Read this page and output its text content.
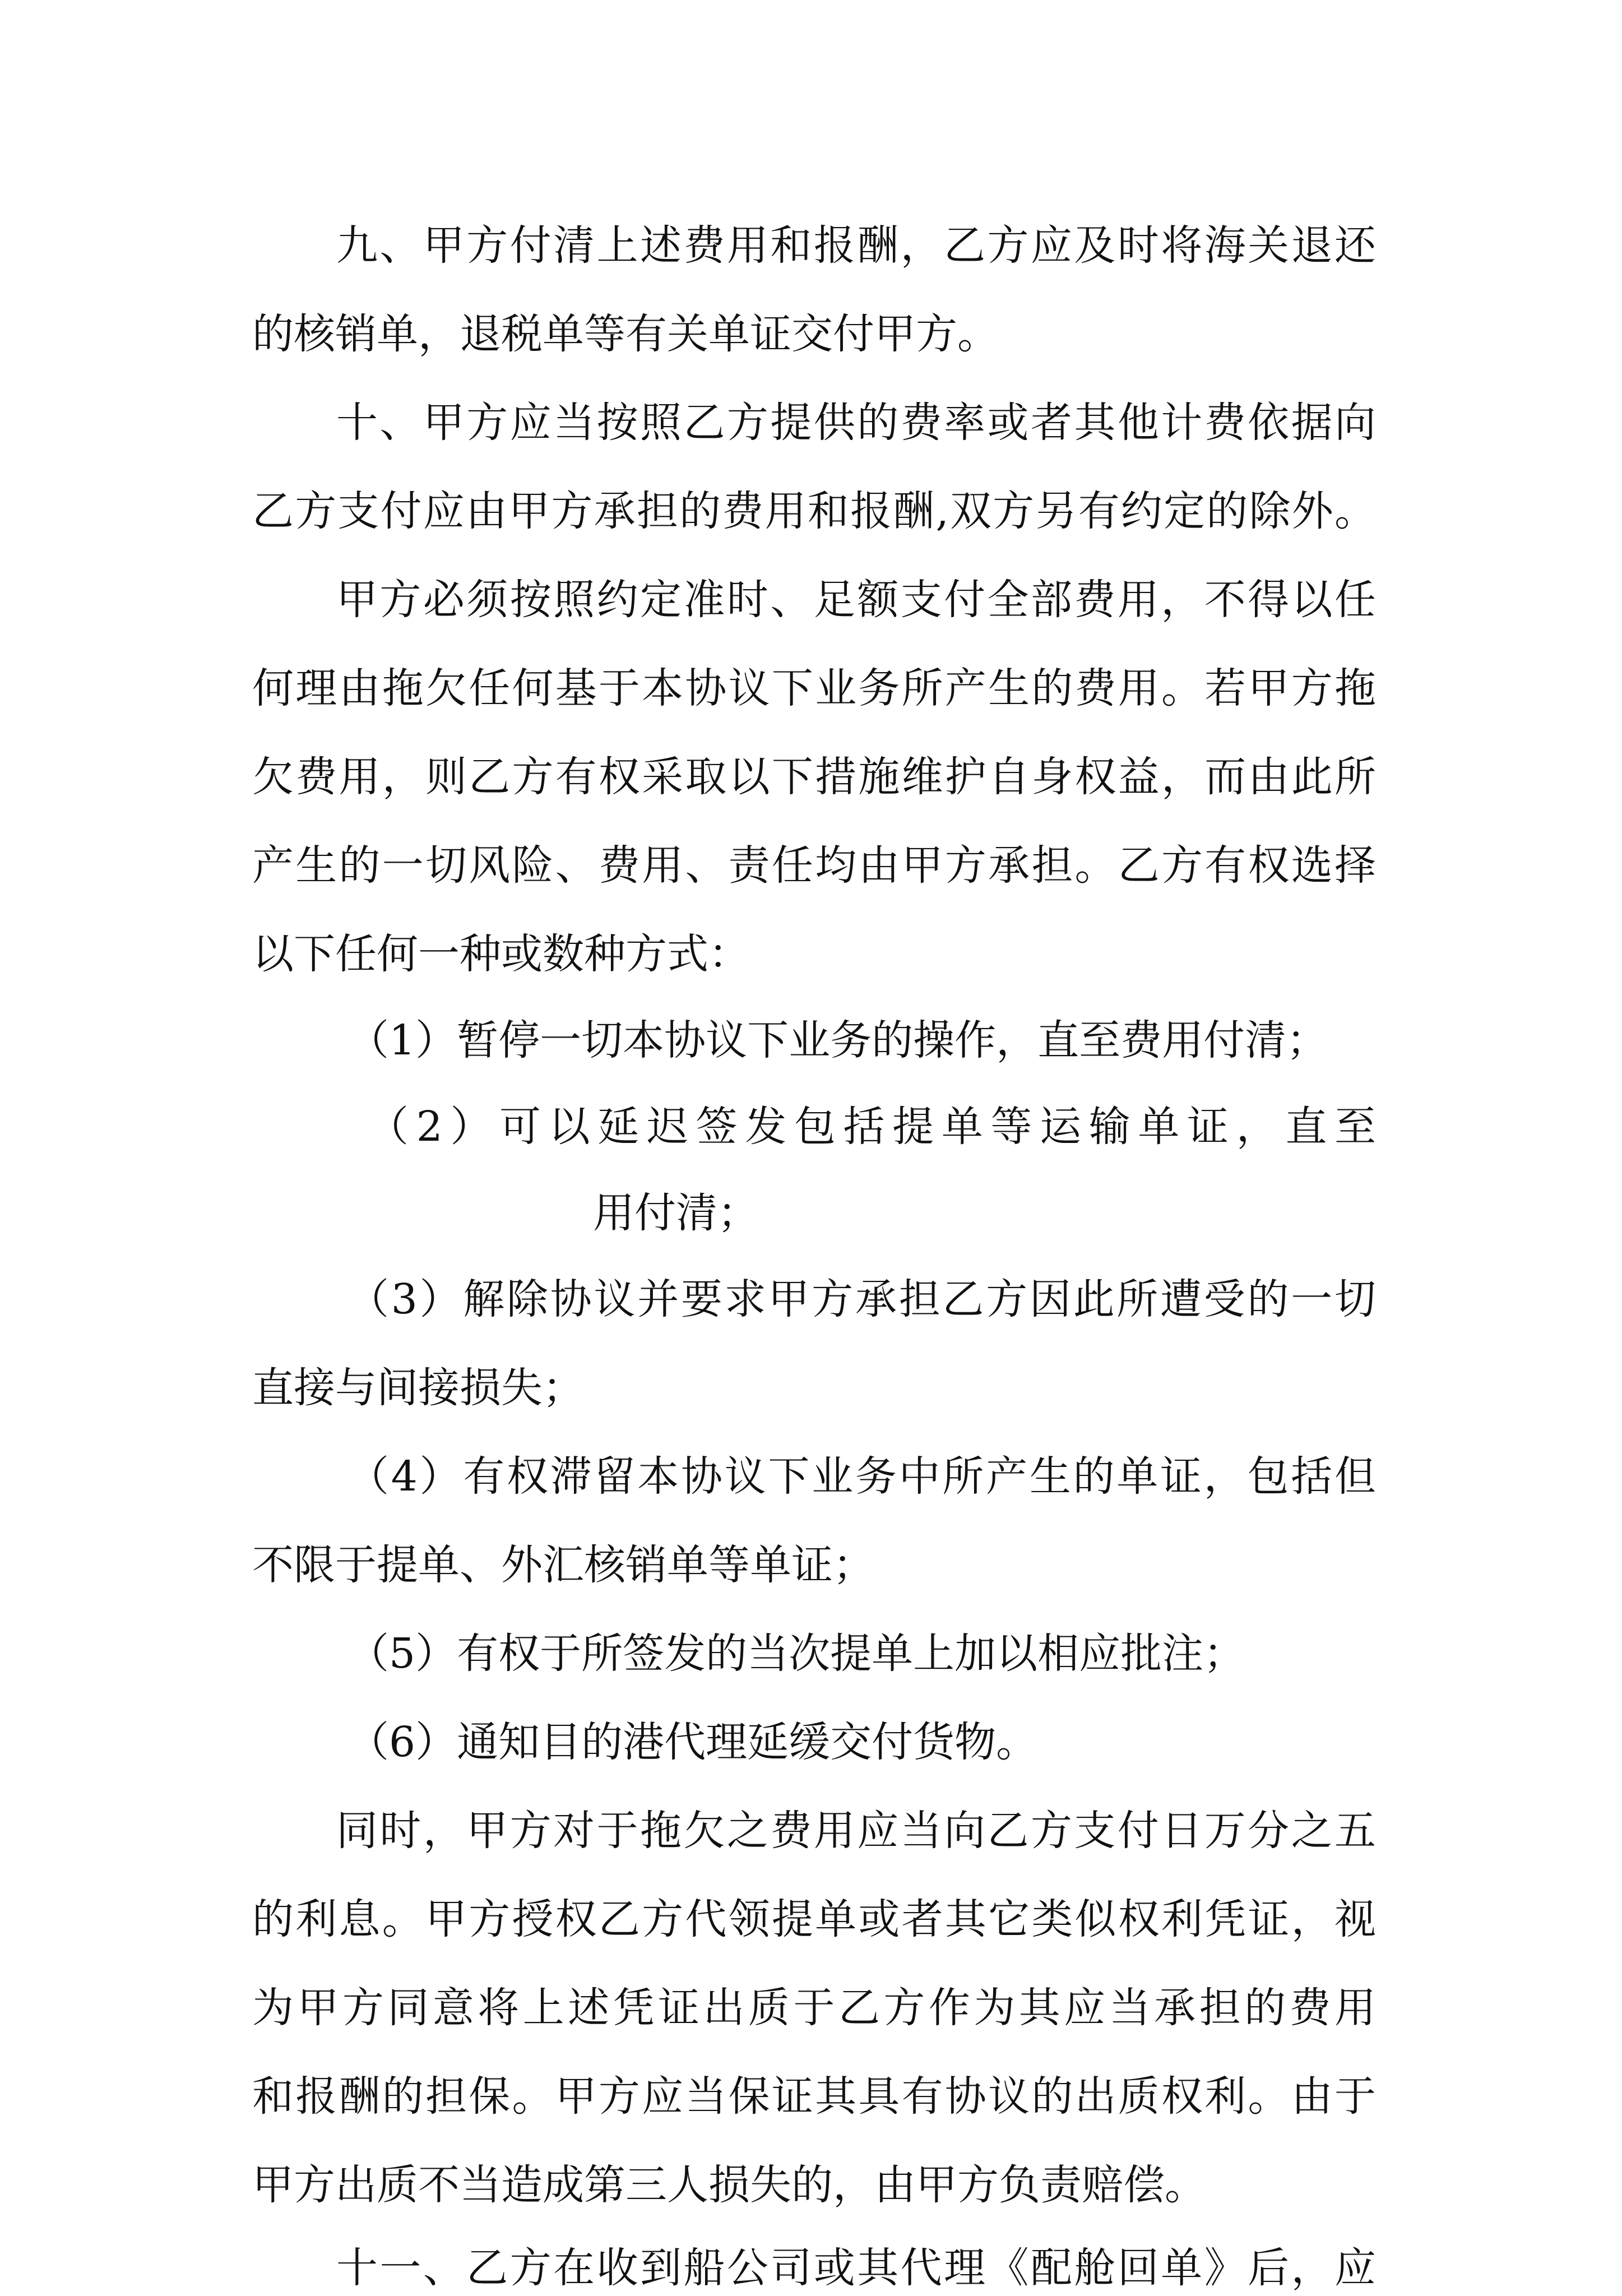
九、甲方付清上述费用和报酬，乙方应及时将海关退还
的核销单，退税单等有关单证交付甲方。
十、甲方应当按照乙方提供的费率或者其他计费依据向
乙方支付应由甲方承担的费用和报酬,双方另有约定的除外。
甲方必须按照约定准时、足额支付全部费用，不得以任
何理由拖欠任何基于本协议下业务所产生的费用。若甲方拖
欠费用，则乙方有权采取以下措施维护自身权益，而由此所
产生的一切风险、费用、责任均由甲方承担。乙方有权选择
以下任何一种或数种方式：
（1）暂停一切本协议下业务的操作，直至费用付清；
（2）可以延迟签发包括提单等运输单证，直至
用付清；
（3）解除协议并要求甲方承担乙方因此所遭受的一切
直接与间接损失；
（4）有权滞留本协议下业务中所产生的单证，包括但
不限于提单、外汇核销单等单证；
（5）有权于所签发的当次提单上加以相应批注；
（6）通知目的港代理延缓交付货物。
同时，甲方对于拖欠之费用应当向乙方支付日万分之五
的利息。甲方授权乙方代领提单或者其它类似权利凭证，视
为甲方同意将上述凭证出质于乙方作为其应当承担的费用
和报酬的担保。甲方应当保证其具有协议的出质权利。由于
甲方出质不当造成第三人损失的，由甲方负责赔偿。
十一、乙方在收到船公司或其代理《配舱回单》后，应
